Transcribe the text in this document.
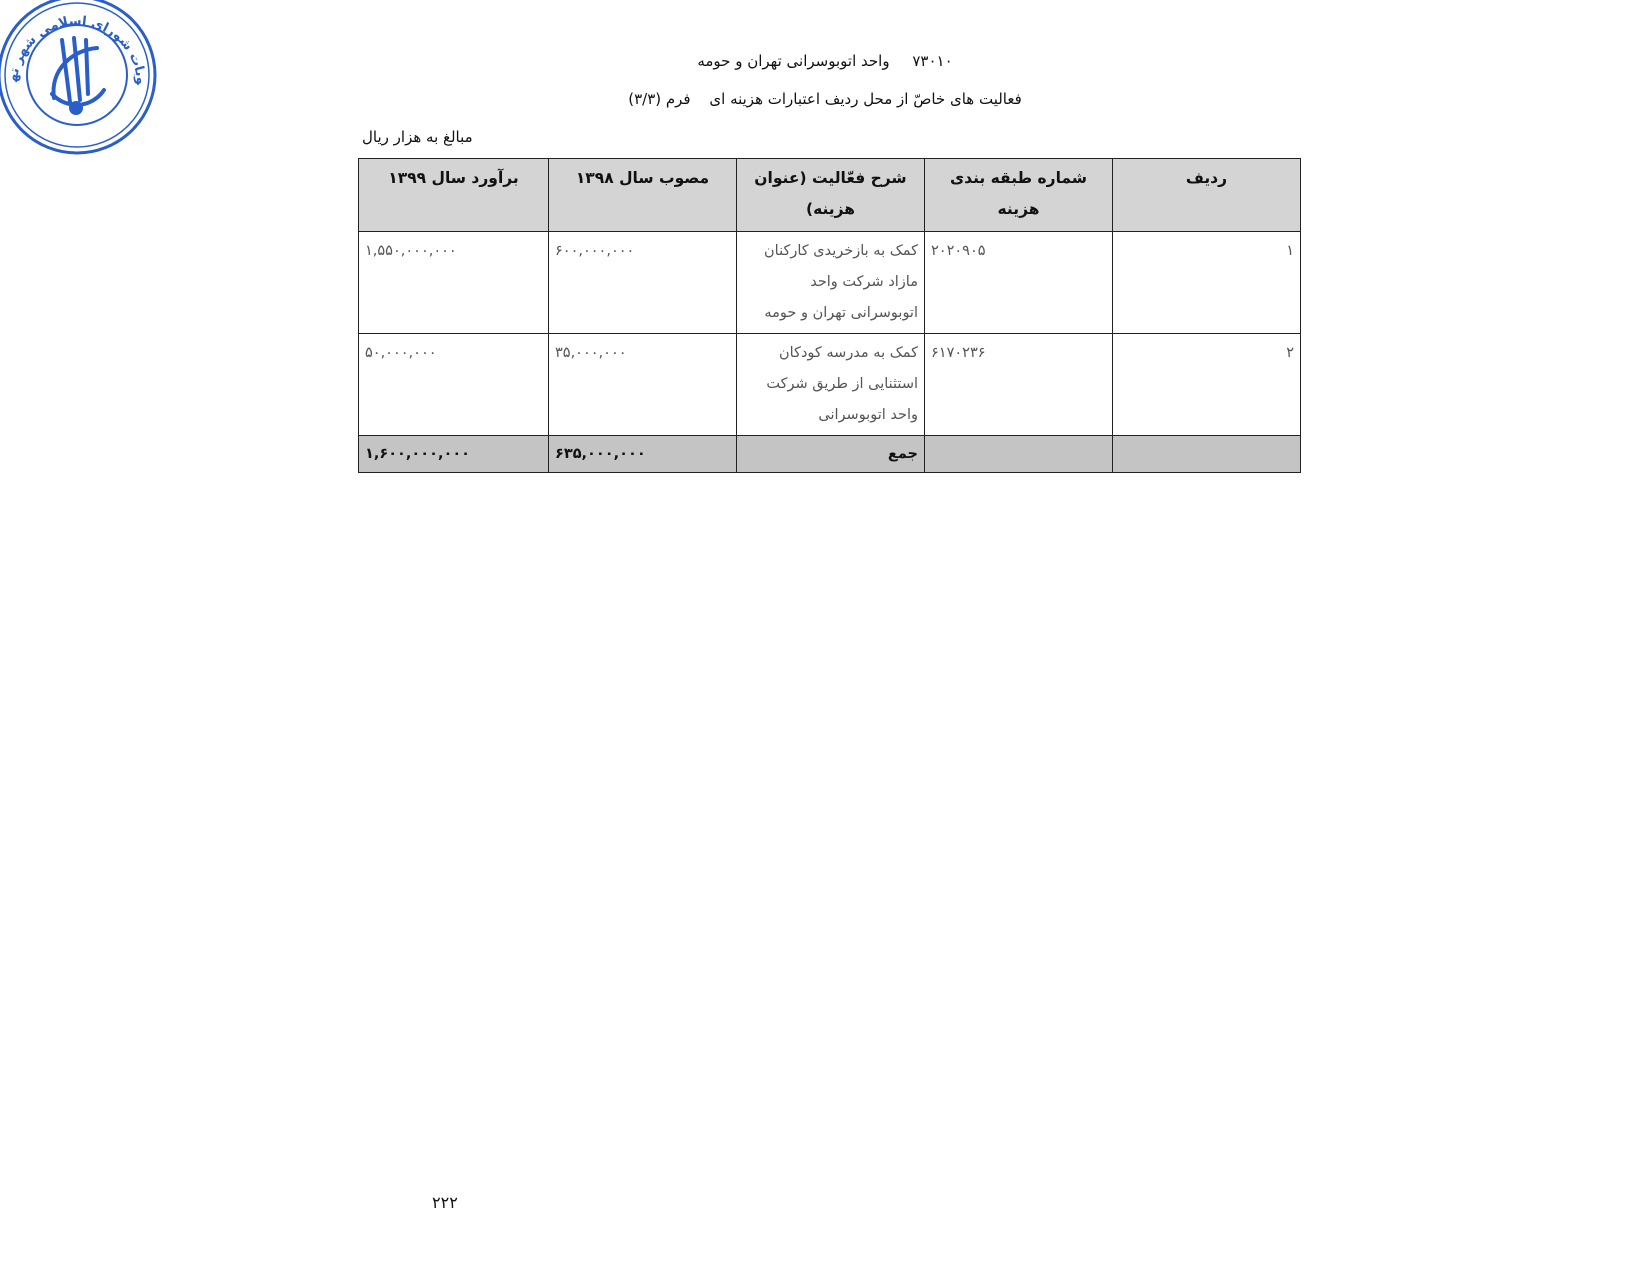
وبات شورای اسلامی شهر ته
۷۳۰۱۰ واحد اتوبوسرانی تهران و حومه
فعالیت های خاصّ از محل ردیف اعتبارات هزینه ای فرم (۳/۳)
مبالغ به هزار ریال
ردیف	شماره طبقه بندی هزینه	شرح فعّالیت (عنوان هزینه)	مصوب سال ۱۳۹۸	برآورد سال ۱۳۹۹
۱	۲۰۲۰۹۰۵	کمک به بازخریدی کارکنان مازاد شرکت واحد اتوبوسرانی تهران و حومه	۶۰۰,۰۰۰,۰۰۰	۱,۵۵۰,۰۰۰,۰۰۰
۲	۶۱۷۰۲۳۶	کمک به مدرسه کودکان استثنایی از طریق شرکت واحد اتوبوسرانی	۳۵,۰۰۰,۰۰۰	۵۰,۰۰۰,۰۰۰
		جمع	۶۳۵,۰۰۰,۰۰۰	۱,۶۰۰,۰۰۰,۰۰۰
۲۲۲
